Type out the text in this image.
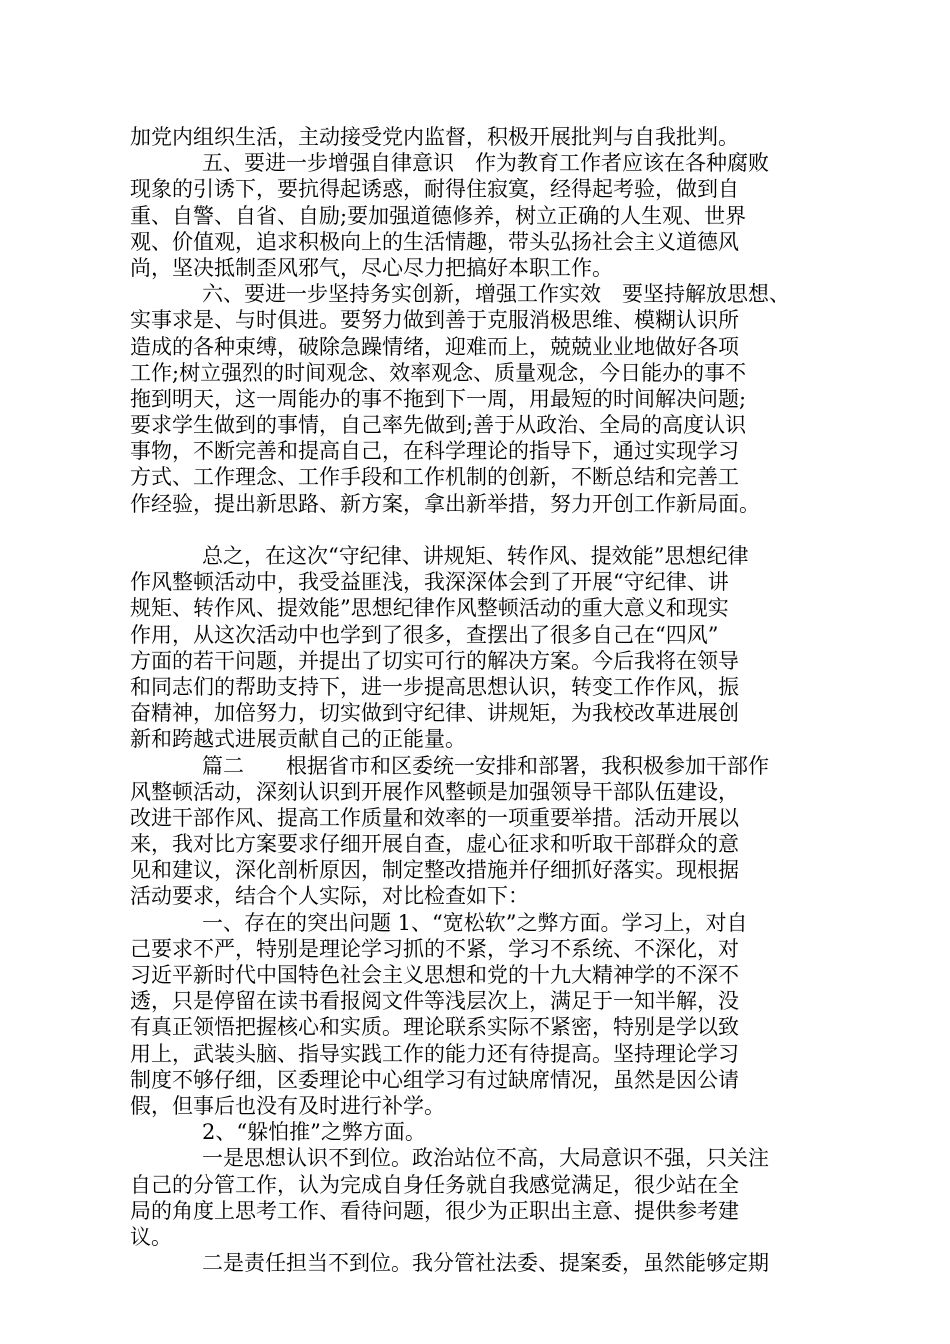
加党内组织生活，主动接受党内监督，积极开展批判与自我批判。
五、要进一步增强自律意识　作为教育工作者应该在各种腐败
现象的引诱下，要抗得起诱惑，耐得住寂寞，经得起考验，做到自
重、自警、自省、自励;要加强道德修养，树立正确的人生观、世界
观、价值观，追求积极向上的生活情趣，带头弘扬社会主义道德风
尚，坚决抵制歪风邪气，尽心尽力把搞好本职工作。
六、要进一步坚持务实创新，增强工作实效　要坚持解放思想、
实事求是、与时俱进。要努力做到善于克服消极思维、模糊认识所
造成的各种束缚，破除急躁情绪，迎难而上，兢兢业业地做好各项
工作;树立强烈的时间观念、效率观念、质量观念，今日能办的事不
拖到明天，这一周能办的事不拖到下一周，用最短的时间解决问题;
要求学生做到的事情，自己率先做到;善于从政治、全局的高度认识
事物，不断完善和提高自己，在科学理论的指导下，通过实现学习
方式、工作理念、工作手段和工作机制的创新，不断总结和完善工
作经验，提出新思路、新方案，拿出新举措，努力开创工作新局面。
总之，在这次“守纪律、讲规矩、转作风、提效能”思想纪律
作风整顿活动中，我受益匪浅，我深深体会到了开展“守纪律、讲
规矩、转作风、提效能”思想纪律作风整顿活动的重大意义和现实
作用，从这次活动中也学到了很多，查摆出了很多自己在“四风”
方面的若干问题，并提出了切实可行的解决方案。今后我将在领导
和同志们的帮助支持下，进一步提高思想认识，转变工作作风，振
奋精神，加倍努力，切实做到守纪律、讲规矩，为我校改革进展创
新和跨越式进展贡献自己的正能量。
篇二　　根据省市和区委统一安排和部署，我积极参加干部作
风整顿活动，深刻认识到开展作风整顿是加强领导干部队伍建设，
改进干部作风、提高工作质量和效率的一项重要举措。活动开展以
来，我对比方案要求仔细开展自查，虚心征求和听取干部群众的意
见和建议，深化剖析原因，制定整改措施并仔细抓好落实。现根据
活动要求，结合个人实际，对比检查如下：
一、存在的突出问题 1、“宽松软”之弊方面。学习上，对自
己要求不严，特别是理论学习抓的不紧，学习不系统、不深化，对
习近平新时代中国特色社会主义思想和党的十九大精神学的不深不
透，只是停留在读书看报阅文件等浅层次上，满足于一知半解，没
有真正领悟把握核心和实质。理论联系实际不紧密，特别是学以致
用上，武装头脑、指导实践工作的能力还有待提高。坚持理论学习
制度不够仔细，区委理论中心组学习有过缺席情况，虽然是因公请
假，但事后也没有及时进行补学。
2、“躲怕推”之弊方面。
一是思想认识不到位。政治站位不高，大局意识不强，只关注
自己的分管工作，认为完成自身任务就自我感觉满足，很少站在全
局的角度上思考工作、看待问题，很少为正职出主意、提供参考建
议。
二是责任担当不到位。我分管社法委、提案委，虽然能够定期
